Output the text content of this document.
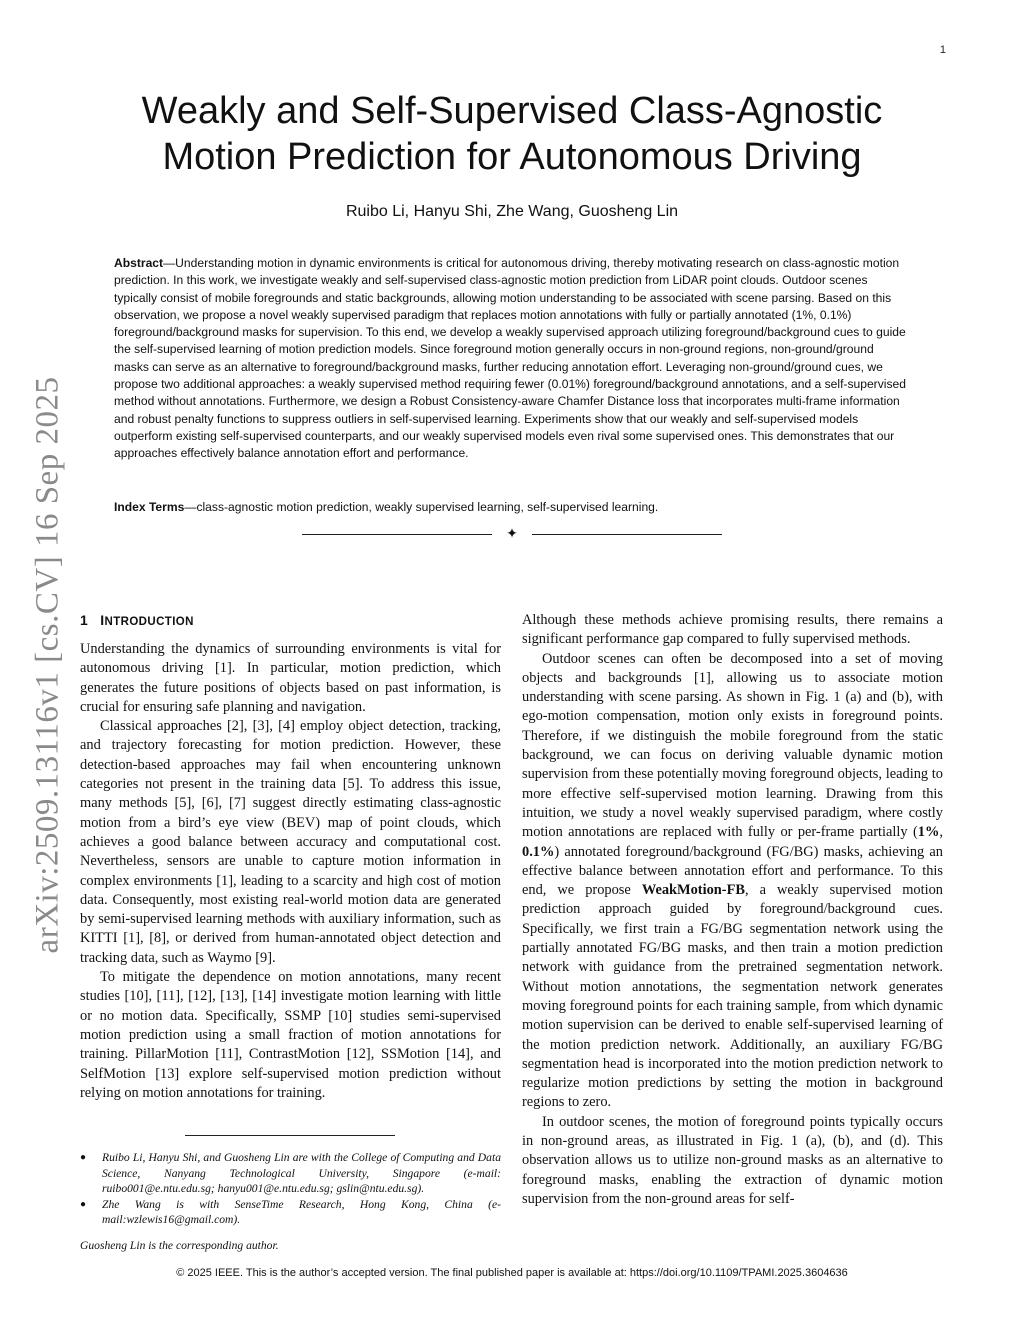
1
arXiv:2509.13116v1 [cs.CV] 16 Sep 2025
Weakly and Self-Supervised Class-Agnostic
Motion Prediction for Autonomous Driving
Ruibo Li, Hanyu Shi, Zhe Wang, Guosheng Lin

Abstract—Understanding motion in dynamic environments is critical for autonomous driving, thereby motivating research on class-agnostic motion prediction. In this work, we investigate weakly and self-supervised class-agnostic motion prediction from LiDAR point clouds. Outdoor scenes typically consist of mobile foregrounds and static backgrounds, allowing motion understanding to be associated with scene parsing. Based on this observation, we propose a novel weakly supervised paradigm that replaces motion annotations with fully or partially annotated (1%, 0.1%) foreground/background masks for supervision. To this end, we develop a weakly supervised approach utilizing foreground/background cues to guide the self-supervised learning of motion prediction models. Since foreground motion generally occurs in non-ground regions, non-ground/ground masks can serve as an alternative to foreground/background masks, further reducing annotation effort. Leveraging non-ground/ground cues, we propose two additional approaches: a weakly supervised method requiring fewer (0.01%) foreground/background annotations, and a self-supervised method without annotations. Furthermore, we design a Robust Consistency-aware Chamfer Distance loss that incorporates multi-frame information and robust penalty functions to suppress outliers in self-supervised learning. Experiments show that our weakly and self-supervised models outperform existing self-supervised counterparts, and our weakly supervised models even rival some supervised ones. This demonstrates that our approaches effectively balance annotation effort and performance.

Index Terms—class-agnostic motion prediction, weakly supervised learning, self-supervised learning.

✦
1 INTRODUCTION

Understanding the dynamics of surrounding environments is vital for autonomous driving [1]. In particular, motion prediction, which generates the future positions of objects based on past information, is crucial for ensuring safe planning and navigation.

Classical approaches [2], [3], [4] employ object detection, tracking, and trajectory forecasting for motion prediction. However, these detection-based approaches may fail when encountering unknown categories not present in the training data [5]. To address this issue, many methods [5], [6], [7] suggest directly estimating class-agnostic motion from a bird’s eye view (BEV) map of point clouds, which achieves a good balance between accuracy and computational cost. Nevertheless, sensors are unable to capture motion information in complex environments [1], leading to a scarcity and high cost of motion data. Consequently, most existing real-world motion data are generated by semi-supervised learning methods with auxiliary information, such as KITTI [1], [8], or derived from human-annotated object detection and tracking data, such as Waymo [9].

To mitigate the dependence on motion annotations, many recent studies [10], [11], [12], [13], [14] investigate motion learning with little or no motion data. Specifically, SSMP [10] studies semi-supervised motion prediction using a small fraction of motion annotations for training. PillarMotion [11], ContrastMotion [12], SSMotion [14], and SelfMotion [13] explore self-supervised motion prediction without relying on motion annotations for training.

● Ruibo Li, Hanyu Shi, and Guosheng Lin are with the College of Computing and Data Science, Nanyang Technological University, Singapore (e-mail: ruibo001@e.ntu.edu.sg; hanyu001@e.ntu.edu.sg; gslin@ntu.edu.sg).
● Zhe Wang is with SenseTime Research, Hong Kong, China (e-mail:wzlewis16@gmail.com).
Guosheng Lin is the corresponding author.

Although these methods achieve promising results, there remains a significant performance gap compared to fully supervised methods.

Outdoor scenes can often be decomposed into a set of moving objects and backgrounds [1], allowing us to associate motion understanding with scene parsing. As shown in Fig. 1 (a) and (b), with ego-motion compensation, motion only exists in foreground points. Therefore, if we distinguish the mobile foreground from the static background, we can focus on deriving valuable dynamic motion supervision from these potentially moving foreground objects, leading to more effective self-supervised motion learning. Drawing from this intuition, we study a novel weakly supervised paradigm, where costly motion annotations are replaced with fully or per-frame partially (1%, 0.1%) annotated foreground/background (FG/BG) masks, achieving an effective balance between annotation effort and performance. To this end, we propose WeakMotion-FB, a weakly supervised motion prediction approach guided by foreground/background cues. Specifically, we first train a FG/BG segmentation network using the partially annotated FG/BG masks, and then train a motion prediction network with guidance from the pretrained segmentation network. Without motion annotations, the segmentation network generates moving foreground points for each training sample, from which dynamic motion supervision can be derived to enable self-supervised learning of the motion prediction network. Additionally, an auxiliary FG/BG segmentation head is incorporated into the motion prediction network to regularize motion predictions by setting the motion in background regions to zero.

In outdoor scenes, the motion of foreground points typically occurs in non-ground areas, as illustrated in Fig. 1 (a), (b), and (d). This observation allows us to utilize non-ground masks as an alternative to foreground masks, enabling the extraction of dynamic motion supervision from the non-ground areas for self-

© 2025 IEEE. This is the author’s accepted version. The final published paper is available at: https://doi.org/10.1109/TPAMI.2025.3604636
